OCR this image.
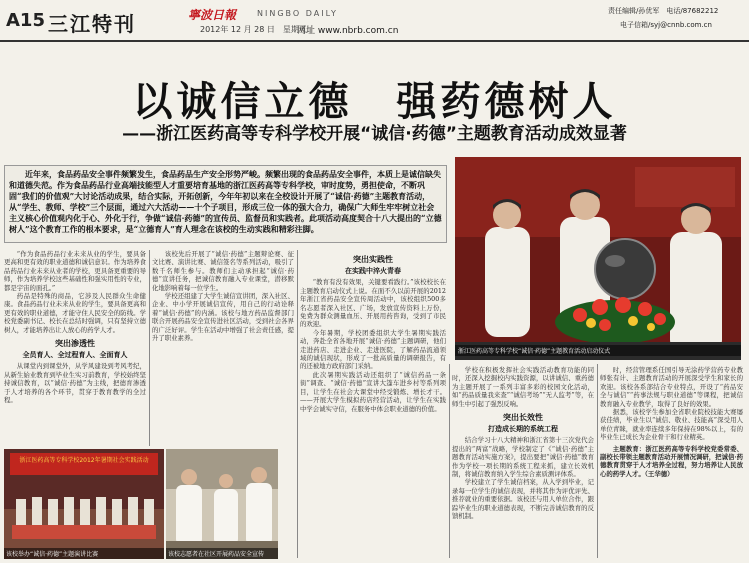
A15 三江特刊	寧波日報	NINGBO DAILY
2012年 12 月 28 日　星期五
网址 www.nbrb.com.cn
责任编辑/孙优军　电话/87682212
电子信箱/syj@cnnb.com.cn
以诚信立德　强药德树人
——浙江医药高等专科学校开展“诚信·药德”主题教育活动成效显著
近年来，食品药品安全事件频繁发生，食品药品生产安全形势严峻。频繁出现的食品药品安全事件，本质上是诚信缺失和道德失范。作为食品药品行业高端技能型人才重要培育基地的浙江医药高等专科学校，审时度势，勇担使命，不断巩固“我们的价值观”大讨论活动成果，结合实际，开拓创新，今年年初以来在全校设计开展了“诚信·药德”主题教育活动，从“学生、教师、学校”三个层面，通过六大活动——十个子项目，形成三位一体的强大合力，确保广大师生牢牢树立社会主义核心价值观内化于心、外化于行，争做“诚信·药德”的宣传员、监督员和实践者。此项活动高度契合十八大提出的“立德树人”这个教育工作的根本要求，是“立德育人”育人理念在该校的生动实践和精彩注脚。

“作为食品药品行业未来从业的学生，要具备更高和更有效的职业道德和诚信意识。作为培养食品药品行业未来从业者的学校，更具备更重要的导师，作为培养学校这些基础性和强实用性的专业，都是宇宙的面孔。”

药品是特殊的商品，它涉及人民群众生命健康。食品药品行业未来从业的学生，要具备更高和更有效的职业道德，才能守住人民安全的防线。学校党委副书记、校长在总结时强调，只有坚持立德树人，才能培养出让人放心的药学人才。

突出渗透性
全员育人、全过程育人、全面育人

从课堂内到课堂外，从学风建设到考风考纪，从新生始业教育到毕业生实习前教育，学校始终坚持诚信教育，以“诚信·药德”为主线，把德育渗透于人才培养的各个环节，贯穿于教育教学的全过程。

该校先后开展了“诚信·药德”主题辩论赛、征文比赛、演讲比赛、诚信签名等系列活动，吸引了数千名师生参与。教师们主动承担起“诚信·药德”宣讲任务，把诚信教育融入专业课堂，潜移默化地影响着每一位学生。

学校还组建了大学生诚信宣讲团，深入社区、企业、中小学开展诚信宣传，用自己的行动诠释着“诚信·药德”的内涵。该校与地方药品监督部门联合开展药品安全宣传进社区活动，受到社会各界的广泛好评。学生在活动中增强了社会责任感，提升了职业素养。

突出实践性
在实践中淬火青春

“教育有没有效果，关键要看践行。”该校校长在主题教育启动仪式上说。在面不久以前开展的2012年浙江省药品安全宣传周活动中，该校组织500多名志愿者深入社区、广场，发放宣传资料上万份，免费为群众测量血压、开展用药咨询，受到了市民的欢迎。

今年暑期，学校团委组织大学生暑期实践活动，奔赴全省各地开展“诚信·药德”主题调研，他们走进药店、走进企业、走进医院，了解药品流通领域的诚信现状，形成了一批高质量的调研报告，有的还被地方政府部门采纳。

此次暑期实践活动还组织了“诚信药品一条街”调查、“诚信·药德”宣讲大篷车进乡村等系列项目，让学生在社会大课堂中经受锻炼、增长才干。——开展大学生模拟药店经营活动，让学生在实践中学会诚实守信，在服务中体会职业道德的价值。

学校在积极发挥社会实践活动教育功能的同时，还深入挖掘校内实践资源，以讲诚信、重药德为主题开展了一系列丰富多彩的校园文化活动，如“药品质量我来查”“诚信考场”“无人监考”等，在师生中引起了强烈反响。

突出长效性
打造成长期的系统工程

结合学习十八大精神和浙江省第十三次党代会提出的“两富”战略，学校制定了《“诚信·药德”主题教育活动实施方案》，提出要把“诚信·药德”教育作为学校一项长期的系统工程来抓，建立长效机制，将诚信教育纳入学生综合素质测评体系。

学校建立了学生诚信档案，从入学到毕业，记录每一位学生的诚信表现，并将其作为评优评先、推荐就业的重要依据。该校还与用人单位合作，跟踪毕业生的职业道德表现，不断完善诚信教育的反馈机制。

时，经营管理系任国引导无涂药学营药专业教师张有计、主题教育活动的开展深受学生和家长的欢迎。该校各系部结合专业特点，开设了“药品安全与诚信”“药事法规与职业道德”等课程，把诚信教育融入专业教学，取得了良好的效果。

据悉，该校学生参加全省职业院校技能大赛屡获佳绩，毕业生以“诚信、敬业、技能高”深受用人单位青睐，就业率连续多年保持在98%以上，有的毕业生已成长为企业骨干和行业精英。

主题教育：浙江医药高等专科学校党委常委、副校长带领主题教育活动开展情况调研，把诚信·药德教育贯穿于人才培养全过程，努力培养让人民放心的药学人才。（王华德）

浙江医药高等专科学校2012年暑期社会实践活动
该校举办“诚信·药德”主题演讲比赛	该校志愿者在社区开展药品安全宣传
浙江医药高等专科学校“诚信·药德”主题教育活动启动仪式
